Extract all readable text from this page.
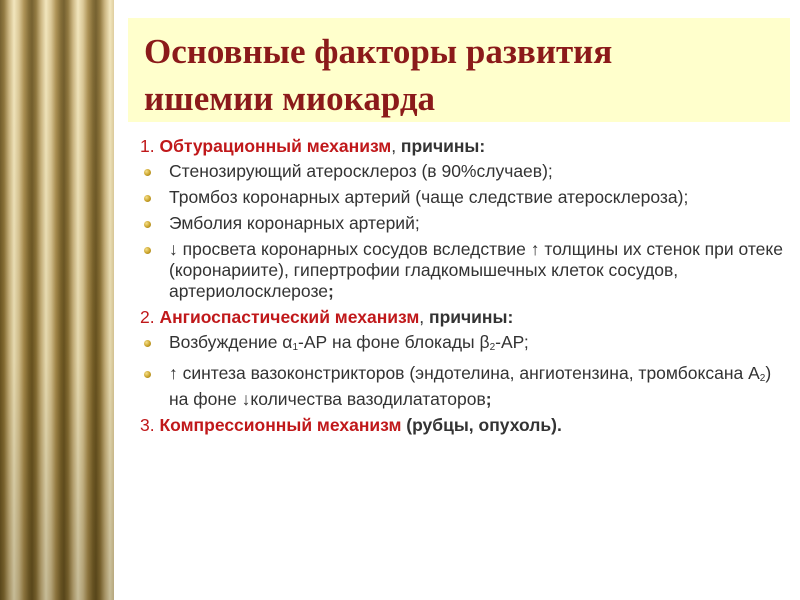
Основные факторы развития
ишемии миокарда

1. Обтурационный механизм, причины:

Стенозирующий атеросклероз (в 90%случаев);
Тромбоз коронарных артерий (чаще следствие атеросклероза);
Эмболия коронарных артерий;
↓ просвета коронарных сосудов вследствие ↑ толщины их стенок при отеке (коронариите), гипертрофии гладкомышечных клеток сосудов, артериолосклерозе;

2. Ангиоспастический механизм, причины:

Возбуждение $\alpha_1-АР$ на фоне блокады $\beta_2-АР$;
↑ синтеза вазоконстрикторов (эндотелина, ангиотензина, тромбоксана $А_2$) на фоне ↓количества вазодилататоров;

3. Компрессионный механизм (рубцы, опухоль).
